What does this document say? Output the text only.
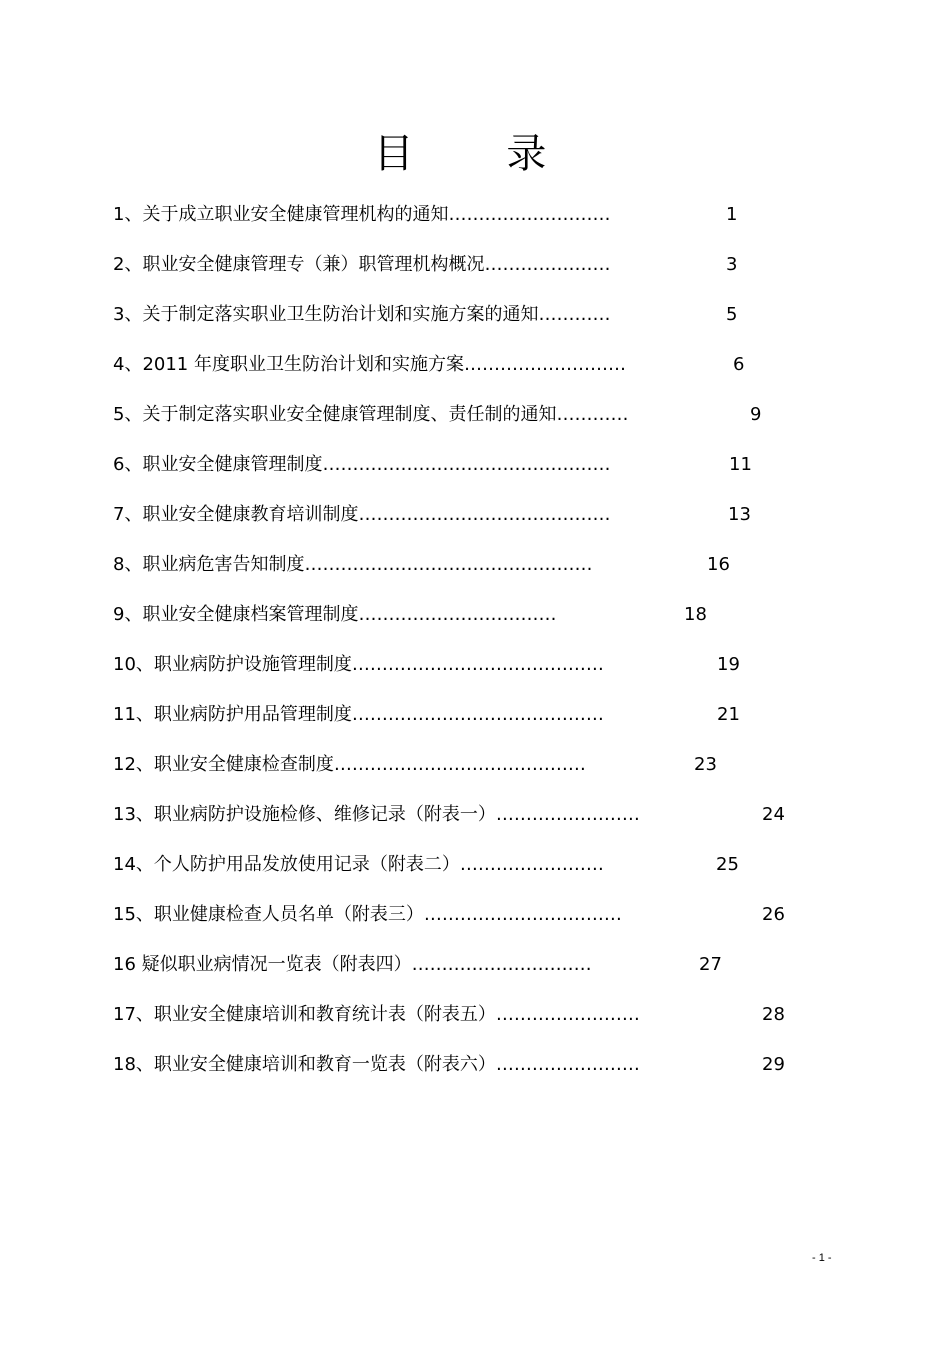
目 录
1、关于成立职业安全健康管理机构的通知………………………	1
2、职业安全健康管理专（兼）职管理机构概况…………………	3
3、关于制定落实职业卫生防治计划和实施方案的通知…………	5
4、2011 年度职业卫生防治计划和实施方案………………………	6
5、关于制定落实职业安全健康管理制度、责任制的通知…………	9
6、职业安全健康管理制度…………………………………………	11
7、职业安全健康教育培训制度……………………………………	13
8、职业病危害告知制度…………………………………………	16
9、职业安全健康档案管理制度……………………………	18
10、职业病防护设施管理制度……………………………………	19
11、职业病防护用品管理制度……………………………………	21
12、职业安全健康检查制度……………………………………	23
13、职业病防护设施检修、维修记录（附表一）……………………	24
14、个人防护用品发放使用记录（附表二）……………………	25
15、职业健康检查人员名单（附表三）……………………………	26
16 疑似职业病情况一览表（附表四）…………………………	27
17、职业安全健康培训和教育统计表（附表五）……………………	28
18、职业安全健康培训和教育一览表（附表六）……………………	29
- 1 -
